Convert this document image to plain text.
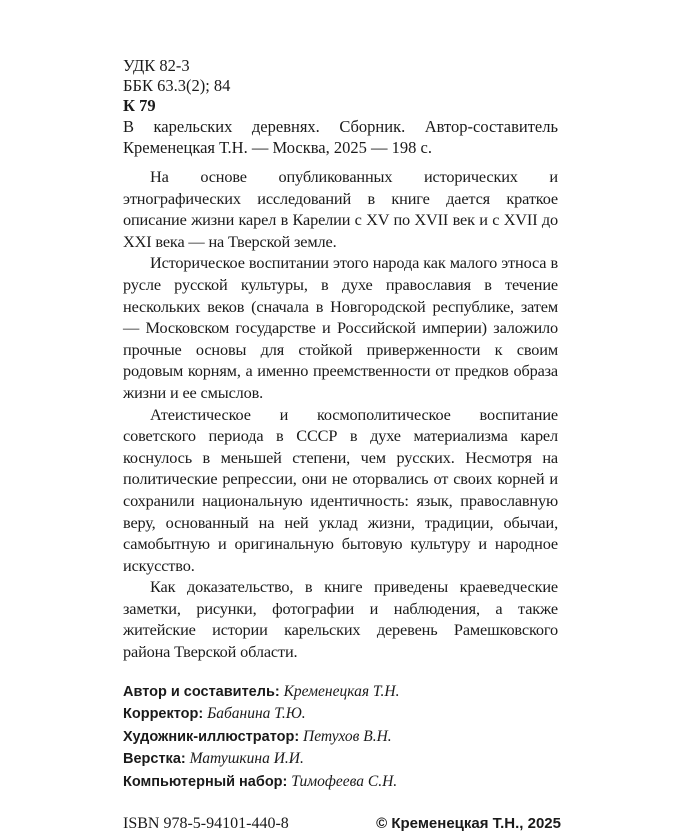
УДК 82-3

ББК 63.3(2); 84

К 79

В карельских деревнях. Сборник. Автор-составитель Кременецкая Т.Н. — Москва, 2025 — 198 с.

На основе опубликованных исторических и этнографических исследований в книге дается краткое описание жизни карел в Карелии с XV по XVII век и с XVII до XXI века — на Тверской земле.

Историческое воспитании этого народа как малого этноса в русле русской культуры, в духе православия в течение нескольких веков (сначала в Новгородской республике, затем — Московском государстве и Российской империи) заложило прочные основы для стойкой приверженности к своим родовым корням, а именно преемственности от предков образа жизни и ее смыслов.

Атеистическое и космополитическое воспитание советского периода в СССР в духе материализма карел коснулось в меньшей степени, чем русских. Несмотря на политические репрессии, они не оторвались от своих корней и сохранили национальную идентичность: язык, православную веру, основанный на ней уклад жизни, традиции, обычаи, самобытную и оригинальную бытовую культуру и народное искусство.

Как доказательство, в книге приведены краеведческие заметки, рисунки, фотографии и наблюдения, а также житейские истории карельских деревень Рамешковского района Тверской области.

Автор и составитель: Кременецкая Т.Н.

Корректор: Бабанина Т.Ю.

Художник-иллюстратор: Петухов В.Н.

Верстка: Матушкина И.И.

Компьютерный набор: Тимофеева С.Н.

ISBN 978-5-94101-440-8	© Кременецкая Т.Н., 2025
